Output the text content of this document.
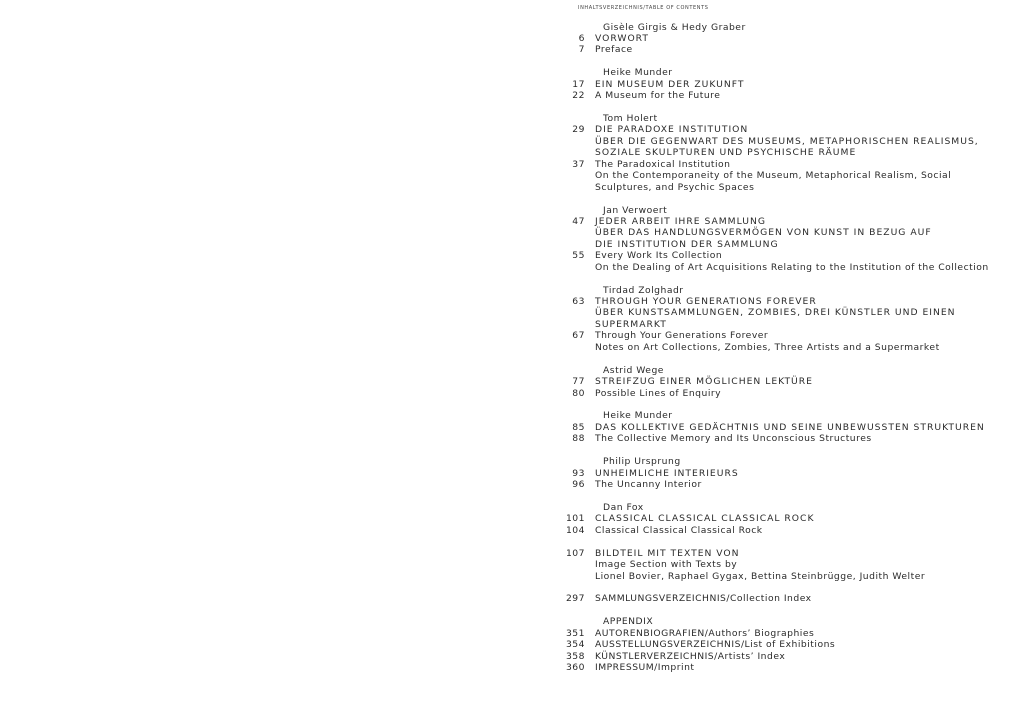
INHALTSVERZEICHNIS/TABLE OF CONTENTS
Gisèle Girgis & Hedy Graber
6 VORWORT
7 Preface
Heike Munder
17 EIN MUSEUM DER ZUKUNFT
22 A Museum for the Future
Tom Holert
29 DIE PARADOXE INSTITUTION
ÜBER DIE GEGENWART DES MUSEUMS, METAPHORISCHEN REALISMUS,
SOZIALE SKULPTUREN UND PSYCHISCHE RÄUME
37 The Paradoxical Institution
On the Contemporaneity of the Museum, Metaphorical Realism, Social
Sculptures, and Psychic Spaces
Jan Verwoert
47 JEDER ARBEIT IHRE SAMMLUNG
ÜBER DAS HANDLUNGSVERMÖGEN VON KUNST IN BEZUG AUF
DIE INSTITUTION DER SAMMLUNG
55 Every Work Its Collection
On the Dealing of Art Acquisitions Relating to the Institution of the Collection
Tirdad Zolghadr
63 THROUGH YOUR GENERATIONS FOREVER
ÜBER KUNSTSAMMLUNGEN, ZOMBIES, DREI KÜNSTLER UND EINEN
SUPERMARKT
67 Through Your Generations Forever
Notes on Art Collections, Zombies, Three Artists and a Supermarket
Astrid Wege
77 STREIFZUG EINER MÖGLICHEN LEKTÜRE
80 Possible Lines of Enquiry
Heike Munder
85 DAS KOLLEKTIVE GEDÄCHTNIS UND SEINE UNBEWUSSTEN STRUKTUREN
88 The Collective Memory and Its Unconscious Structures
Philip Ursprung
93 UNHEIMLICHE INTERIEURS
96 The Uncanny Interior
Dan Fox
101 CLASSICAL CLASSICAL CLASSICAL ROCK
104 Classical Classical Classical Rock
107 BILDTEIL MIT TEXTEN VON
Image Section with Texts by
Lionel Bovier, Raphael Gygax, Bettina Steinbrügge, Judith Welter
297 SAMMLUNGSVERZEICHNIS/Collection Index
APPENDIX
351 AUTORENBIOGRAFIEN/Authors’ Biographies
354 AUSSTELLUNGSVERZEICHNIS/List of Exhibitions
358 KÜNSTLERVERZEICHNIS/Artists’ Index
360 IMPRESSUM/Imprint
